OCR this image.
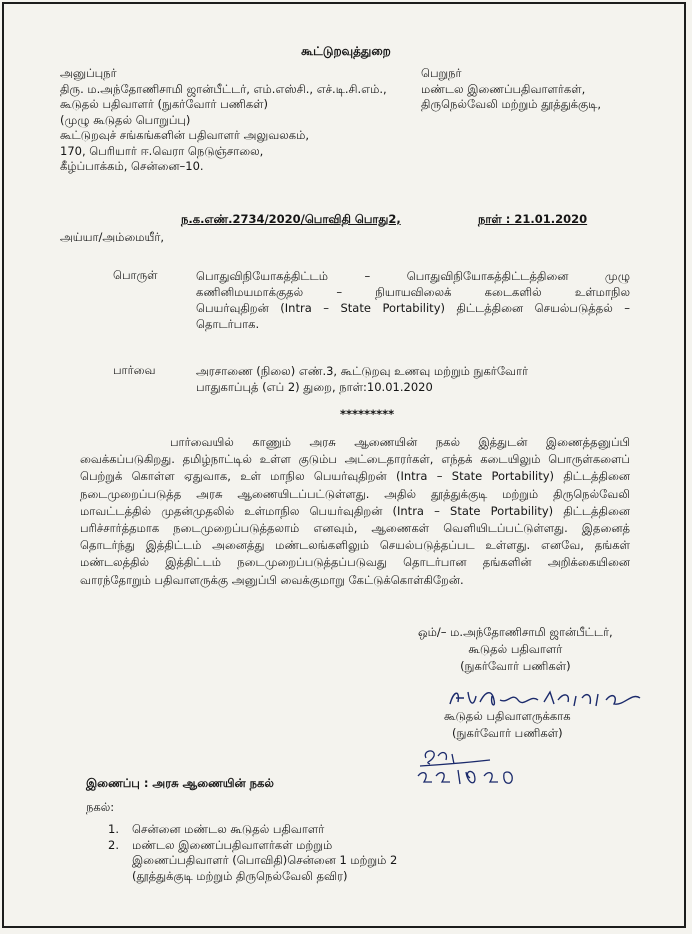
கூட்டுறவுத்துறை
அனுப்புநர்
திரு. ம.அந்தோணிசாமி ஜான்பீட்டர், எம்.எஸ்சி., எச்.டி.சி.எம்.,
கூடுதல் பதிவாளர் (நுகர்வோர் பணிகள்)
(முழு கூடுதல் பொறுப்பு)
கூட்டுறவுச் சங்கங்களின் பதிவாளர் அலுவலகம்,
170, பெரியார் ஈ.வெரா நெடுஞ்சாலை,
கீழ்ப்பாக்கம், சென்னை–10.
பெறுநர்
மண்டல இணைப்பதிவாளர்கள்,
திருநெல்வேலி மற்றும் தூத்துக்குடி,
ந.க.எண்.2734/2020/பொவிதி பொது2,	நாள் : 21.01.2020
அய்யா/அம்மையீர்,
பொருள்	பொதுவிநியோகத்திட்டம் – பொதுவிநியோகத்திட்டத்தினை முழு
கணினிமயமாக்குதல் – நியாயவிலைக் கடைகளில் உள்மாநில
பெயர்வுதிறன் (Intra – State Portability) திட்டத்தினை செயல்படுத்தல் –
தொடர்பாக.
பார்வை	அரசாணை (நிலை) எண்.3, கூட்டுறவு உணவு மற்றும் நுகர்வோர்
பாதுகாப்புத் (எப் 2) துறை, நாள்:10.01.2020
*********
பார்வையில் காணும் அரசு ஆணையின் நகல் இத்துடன் இணைத்தனுப்பி
வைக்கப்படுகிறது. தமிழ்நாட்டில் உள்ள குடும்ப அட்டைதாரர்கள், எந்தக் கடையிலும் பொருள்களைப்
பெற்றுக் கொள்ள ஏதுவாக, உள் மாநில பெயர்வுதிறன் (Intra – State Portability) திட்டத்தினை
நடைமுறைப்படுத்த அரசு ஆணையிடப்பட்டுள்ளது. அதில் தூத்துக்குடி மற்றும் திருநெல்வேலி
மாவட்டத்தில் முதன்முதலில் உள்மாநில பெயர்வுதிறன் (Intra – State Portability) திட்டத்தினை
பரிச்சார்த்தமாக நடைமுறைப்படுத்தலாம் எனவும், ஆணைகள் வெளியிடப்பட்டுள்ளது. இதனைத்
தொடர்ந்து இத்திட்டம் அனைத்து மண்டலங்களிலும் செயல்படுத்தப்பட உள்ளது. எனவே, தங்கள்
மண்டலத்தில் இத்திட்டம் நடைமுறைப்படுத்தப்படுவது தொடர்பான தங்களின் அறிக்கையினை
வாரந்தோறும் பதிவாளருக்கு அனுப்பி வைக்குமாறு கேட்டுக்கொள்கிறேன்.
ஒம்/– ம.அந்தோணிசாமி ஜான்பீட்டர்,
கூடுதல் பதிவாளர்
(நுகர்வோர் பணிகள்)
கூடுதல் பதிவாளருக்காக
(நுகர்வோர் பணிகள்)
இணைப்பு : அரசு ஆணையின் நகல்
நகல்:
1.	சென்னை மண்டல கூடுதல் பதிவாளர்
2.	மண்டல இணைப்பதிவாளர்கள் மற்றும்
இணைப்பதிவாளர் (பொவிதி)சென்னை 1 மற்றும் 2
(தூத்துக்குடி மற்றும் திருநெல்வேலி தவிர)
